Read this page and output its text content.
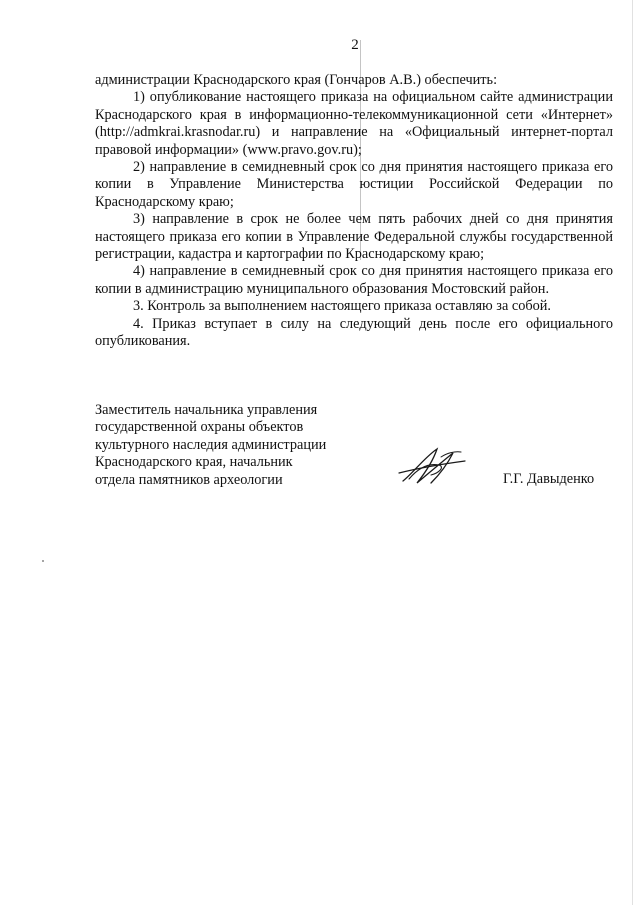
2

администрации Краснодарского края (Гончаров А.В.) обеспечить:

1) опубликование настоящего приказа на официальном сайте администрации Краснодарского края в информационно-телекоммуникационной сети «Интернет» (http://admkrai.krasnodar.ru) и направление на «Официальный интернет-портал правовой информации» (www.pravo.gov.ru);

2) направление в семидневный срок со дня принятия настоящего приказа его копии в Управление Министерства юстиции Российской Федерации по Краснодарскому краю;

3) направление в срок не более чем пять рабочих дней со дня принятия настоящего приказа его копии в Управление Федеральной службы государственной регистрации, кадастра и картографии по Краснодарскому краю;

4) направление в семидневный срок со дня принятия настоящего приказа его копии в администрацию муниципального образования Мостовский район.

3. Контроль за выполнением настоящего приказа оставляю за собой.

4. Приказ вступает в силу на следующий день после его официального опубликования.

Заместитель начальника управления
государственной охраны объектов
культурного наследия администрации
Краснодарского края, начальник
отдела памятников археологии	Г.Г. Давыденко
